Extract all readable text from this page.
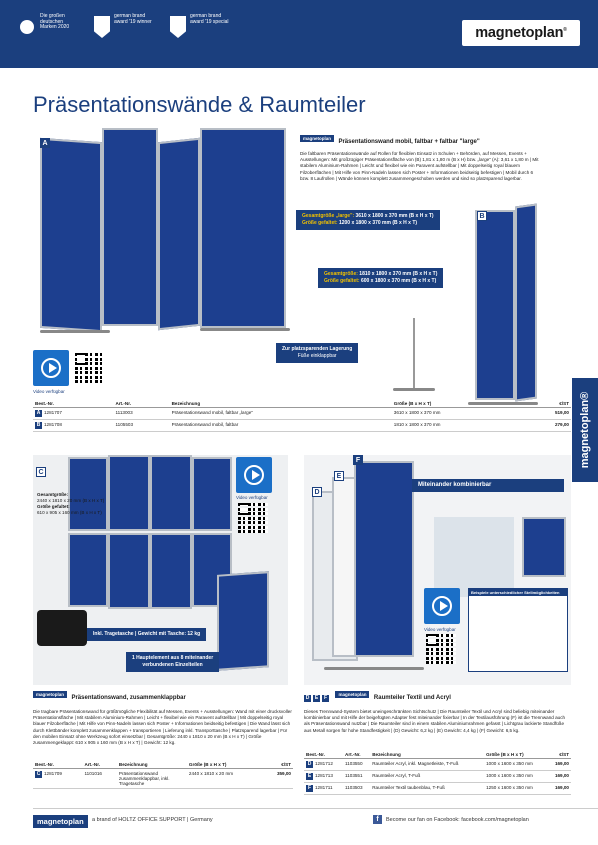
Die großen deutschen Marken 2020
german brand award '19 winner
german brand award '19 special
magnetoplan®
Präsentationswände & Raumteiler
magnetoplan®
A
magnetoplan Präsentationswand mobil, faltbar + faltbar "large"
Die faltbaren Präsentationswände auf Rollen für flexiblen Einsatz in Schulen + Behörden, auf Messen, Events + Ausstellungen: Mit großzügiger Präsentationsfläche von (B) 1,81 x 1,80 m (B x H) bzw. „large" (A): 3,61 x 1,80 m | Mit stabilem Aluminium-Rahmen | Leicht und flexibel wie ein Paravent aufstellbar | Mit doppelseitig royal blauem Filzoberflächen | Mit Hilfe von Pinn-Nadeln lassen sich Poster + Informationen beidseitig befestigen | Mobil durch 6 bzw. 8 Laufrollen | Wände können komplett zusammengeschoben werden und sind so platzsparend lagerbar.
Gesamtgröße „large": 3610 x 1800 x 370 mm (B x H x T)
Größe gefaltet: 1200 x 1800 x 370 mm (B x H x T)
B
Gesamtgröße: 1810 x 1800 x 370 mm (B x H x T)
Größe gefaltet: 600 x 1800 x 370 mm (B x H x T)
Zur platzsparenden Lagerung
Füße einklappbar
Video verfügbar
Best.-Nr.	Art.-Nr.	Bezeichnung	Größe (B x H x T)	€/ST
A 1281707	1113003	Präsentationswand mobil, faltbar „large"	3610 x 1800 x 370 mm	519,00
B 1281708	1105503	Präsentationswand mobil, faltbar	1810 x 1800 x 370 mm	279,00
C
Gesamtgröße:
2440 x 1810 x 20 mm (B x H x T)
Größe gefaltet:
610 x 905 x 160 mm (B x H x T)
Video verfügbar
Inkl. Tragetasche | Gewicht mit Tasche: 12 kg
1 Hauptelement aus 8 miteinander
verbundenen Einzelteilen
magnetoplan Präsentationswand, zusammenklappbar
Die tragbare Präsentationswand für größtmögliche Flexibilität auf Messen, Events + Ausstellungen: Wand mit einer drucksvoller Präsentationsfläche | Mit stabilem Aluminium-Rahmen | Leicht + flexibel wie ein Paravent aufstellbar | Mit doppelseitig royal blauer Filzoberfläche | Mit Hilfe von Pinn-Nadeln lassen sich Poster + Informationen beidseitig befestigen | Die Wand lässt sich durch Klettbänder komplett zusammenklappen + transportieren | Lieferung inkl. Transporttasche | Platzsparend lagerbar | Für den mobilen Einsatz ohne Werkzeug sofort einsetzbar | Gesamtgröße: 2440 x 1810 x 20 mm (B x H x T) | Größe zusammengeklappt: 610 x 905 x 160 mm (B x H x T) | Gewicht: 12 kg.
Best.-Nr.	Art.-Nr.	Bezeichnung	Größe (B x H x T)	€/ST
C 1281709	1101016	Präsentationswand zusammenklappbar, inkl. Tragetasche	2440 x 1810 x 20 mm	359,00
D
E
F
Miteinander kombinierbar
Video verfügbar
Beispiele unterschiedlicher Stellmöglichkeiten
D E F magnetoplan Raumteiler Textil und Acryl
Dieses Trennwand-System bietet uneingeschränkten Sichtschutz | Die Raumteiler Textil und Acryl sind beliebig miteinander kombinierbar und mit Hilfe der beigefügten Adapter fest miteinander fixierbar | In der Textilausführung (F) ist die Trennwand auch als Präsentationswand nutzbar | Die Raumteiler sind in einem stabilen Aluminiumrahmen gefasst | Lichtgrau lackierte Standfüße aus Metall sorgen für hohe Standfestigkeit | (D) Gewicht: 6,2 kg | (E) Gewicht: 4,4 kg | (F) Gewicht: 6,5 kg.
Best.-Nr.	Art.-Nr.	Bezeichnung	Größe (B x H x T)	€/ST
D 1281712	1103550	Raumteiler Acryl, inkl. Magnetleiste, T-Fuß	1000 x 1600 x 350 mm	169,00
E 1281713	1103551	Raumteiler Acryl, T-Fuß	1000 x 1600 x 350 mm	169,00
F 1281711	1103503	Raumteiler Textil taubenblau, T-Fuß	1250 x 1600 x 350 mm	169,00
magnetoplan	a brand of HOLTZ OFFICE SUPPORT | Germany	f	Become our fan on Facebook: facebook.com/magnetoplan
